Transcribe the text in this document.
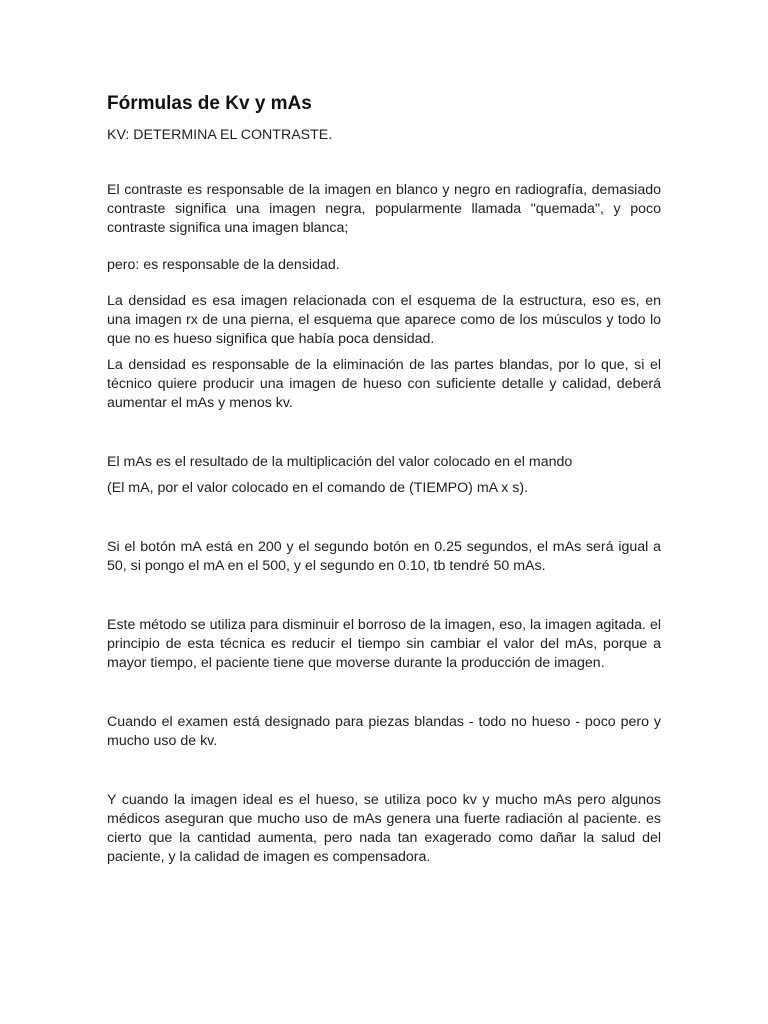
Fórmulas de Kv y mAs

KV: DETERMINA EL CONTRASTE.

El contraste es responsable de la imagen en blanco y negro en radiografía, demasiado contraste significa una imagen negra, popularmente llamada "quemada", y poco contraste significa una imagen blanca;

pero: es responsable de la densidad.

La densidad es esa imagen relacionada con el esquema de la estructura, eso es, en una imagen rx de una pierna, el esquema que aparece como de los músculos y todo lo que no es hueso significa que había poca densidad.

La densidad es responsable de la eliminación de las partes blandas, por lo que, si el técnico quiere producir una imagen de hueso con suficiente detalle y calidad, deberá aumentar el mAs y menos kv.

El mAs es el resultado de la multiplicación del valor colocado en el mando

(El mA, por el valor colocado en el comando de (TIEMPO) mA x s).

Si el botón mA está en 200 y el segundo botón en 0.25 segundos, el mAs será igual a 50, si pongo el mA en el 500, y el segundo en 0.10, tb tendré 50 mAs.

Este método se utiliza para disminuir el borroso de la imagen, eso, la imagen agitada. el principio de esta técnica es reducir el tiempo sin cambiar el valor del mAs, porque a mayor tiempo, el paciente tiene que moverse durante la producción de imagen.

Cuando el examen está designado para piezas blandas - todo no hueso - poco pero y mucho uso de kv.

Y cuando la imagen ideal es el hueso, se utiliza poco kv y mucho mAs pero algunos médicos aseguran que mucho uso de mAs genera una fuerte radiación al paciente. es cierto que la cantidad aumenta, pero nada tan exagerado como dañar la salud del paciente, y la calidad de imagen es compensadora.
